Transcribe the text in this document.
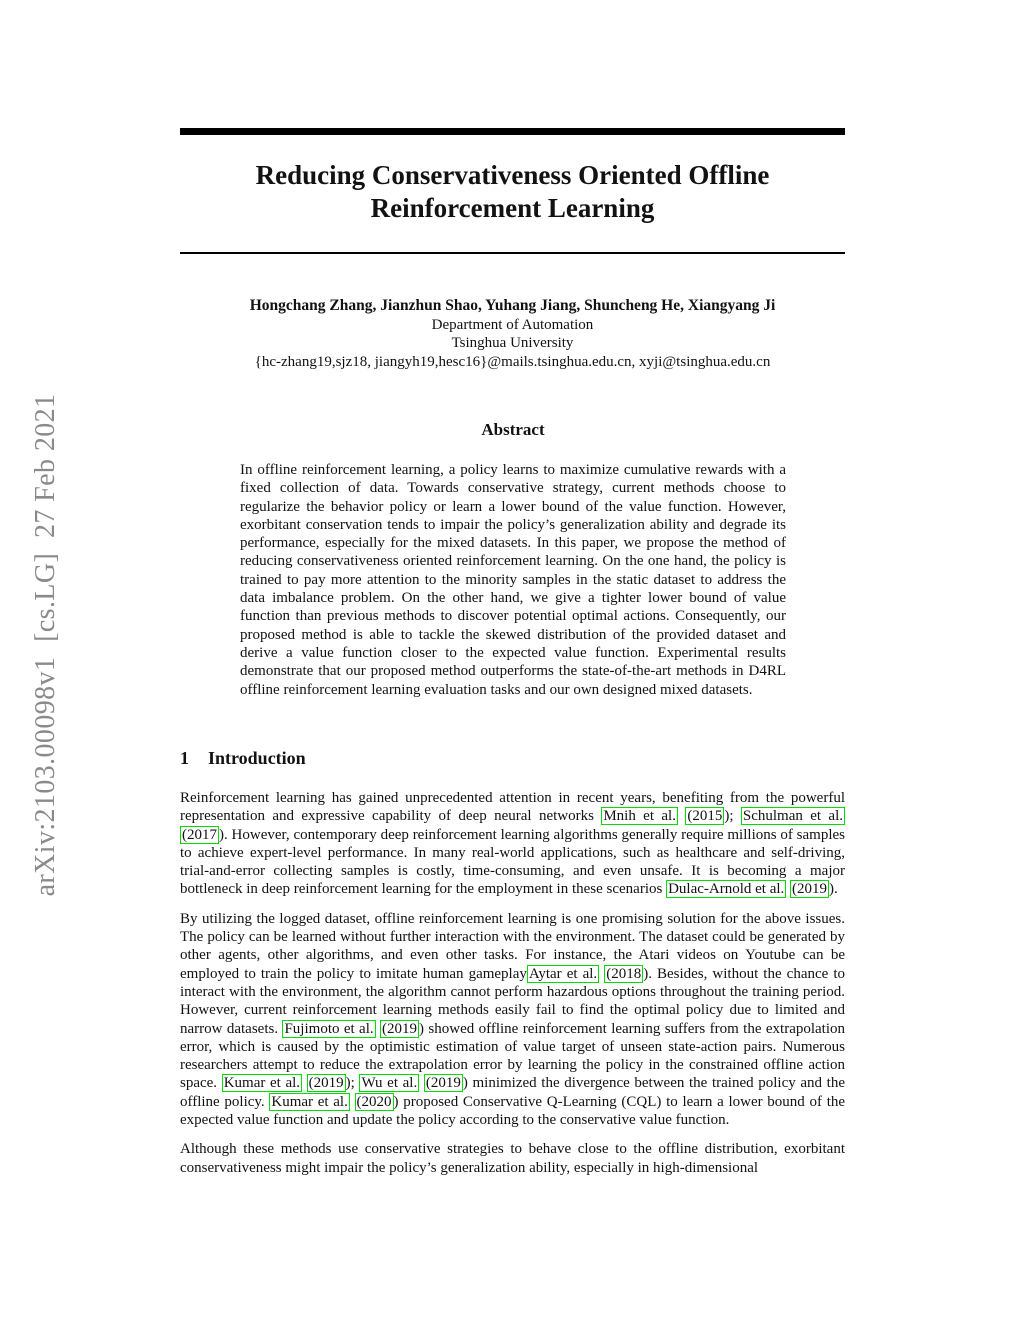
arXiv:2103.00098v1  [cs.LG]  27 Feb 2021
Reducing Conservativeness Oriented Offline
Reinforcement Learning
Hongchang Zhang, Jianzhun Shao, Yuhang Jiang, Shuncheng He, Xiangyang Ji
Department of Automation
Tsinghua University
{hc-zhang19,sjz18, jiangyh19,hesc16}@mails.tsinghua.edu.cn, xyji@tsinghua.edu.cn
Abstract
In offline reinforcement learning, a policy learns to maximize cumulative rewards with a fixed collection of data. Towards conservative strategy, current methods choose to regularize the behavior policy or learn a lower bound of the value function. However, exorbitant conservation tends to impair the policy’s generalization ability and degrade its performance, especially for the mixed datasets. In this paper, we propose the method of reducing conservativeness oriented reinforcement learning. On the one hand, the policy is trained to pay more attention to the minority samples in the static dataset to address the data imbalance problem. On the other hand, we give a tighter lower bound of value function than previous methods to discover potential optimal actions. Consequently, our proposed method is able to tackle the skewed distribution of the provided dataset and derive a value function closer to the expected value function. Experimental results demonstrate that our proposed method outperforms the state-of-the-art methods in D4RL offline reinforcement learning evaluation tasks and our own designed mixed datasets.
1 Introduction

Reinforcement learning has gained unprecedented attention in recent years, benefiting from the powerful representation and expressive capability of deep neural networks Mnih et al. (2015 ); Schulman et al. (2017 ). However, contemporary deep reinforcement learning algorithms generally require millions of samples to achieve expert-level performance. In many real-world applications, such as healthcare and self-driving, trial-and-error collecting samples is costly, time-consuming, and even unsafe. It is becoming a major bottleneck in deep reinforcement learning for the employment in these scenarios Dulac-Arnold et al. (2019 ).

By utilizing the logged dataset, offline reinforcement learning is one promising solution for the above issues. The policy can be learned without further interaction with the environment. The dataset could be generated by other agents, other algorithms, and even other tasks. For instance, the Atari videos on Youtube can be employed to train the policy to imitate human gameplay Aytar et al. (2018 ). Besides, without the chance to interact with the environment, the algorithm cannot perform hazardous options throughout the training period. However, current reinforcement learning methods easily fail to find the optimal policy due to limited and narrow datasets. Fujimoto et al. (2019 ) showed offline reinforcement learning suffers from the extrapolation error, which is caused by the optimistic estimation of value target of unseen state-action pairs. Numerous researchers attempt to reduce the extrapolation error by learning the policy in the constrained offline action space. Kumar et al. (2019 ); Wu et al. (2019 ) minimized the divergence between the trained policy and the offline policy. Kumar et al. (2020 ) proposed Conservative Q-Learning (CQL) to learn a lower bound of the expected value function and update the policy according to the conservative value function.

Although these methods use conservative strategies to behave close to the offline distribution, exorbitant conservativeness might impair the policy’s generalization ability, especially in high-dimensional
